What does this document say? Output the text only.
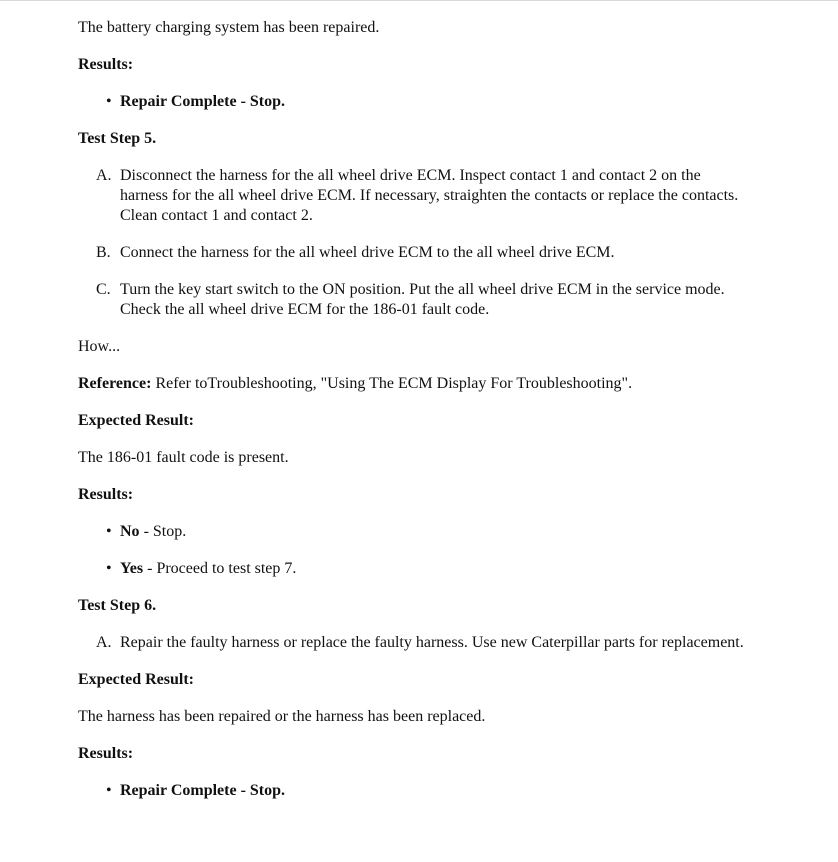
The battery charging system has been repaired.

Results:

• Repair Complete - Stop.

Test Step 5.

A. Disconnect the harness for the all wheel drive ECM. Inspect contact 1 and contact 2 on the harness for the all wheel drive ECM. If necessary, straighten the contacts or replace the contacts. Clean contact 1 and contact 2.
B. Connect the harness for the all wheel drive ECM to the all wheel drive ECM.
C. Turn the key start switch to the ON position. Put the all wheel drive ECM in the service mode. Check the all wheel drive ECM for the 186-01 fault code.

How...

Reference: Refer toTroubleshooting, "Using The ECM Display For Troubleshooting".

Expected Result:

The 186-01 fault code is present.

Results:

• No - Stop.
• Yes - Proceed to test step 7.

Test Step 6.

A. Repair the faulty harness or replace the faulty harness. Use new Caterpillar parts for replacement.

Expected Result:

The harness has been repaired or the harness has been replaced.

Results:

• Repair Complete - Stop.
